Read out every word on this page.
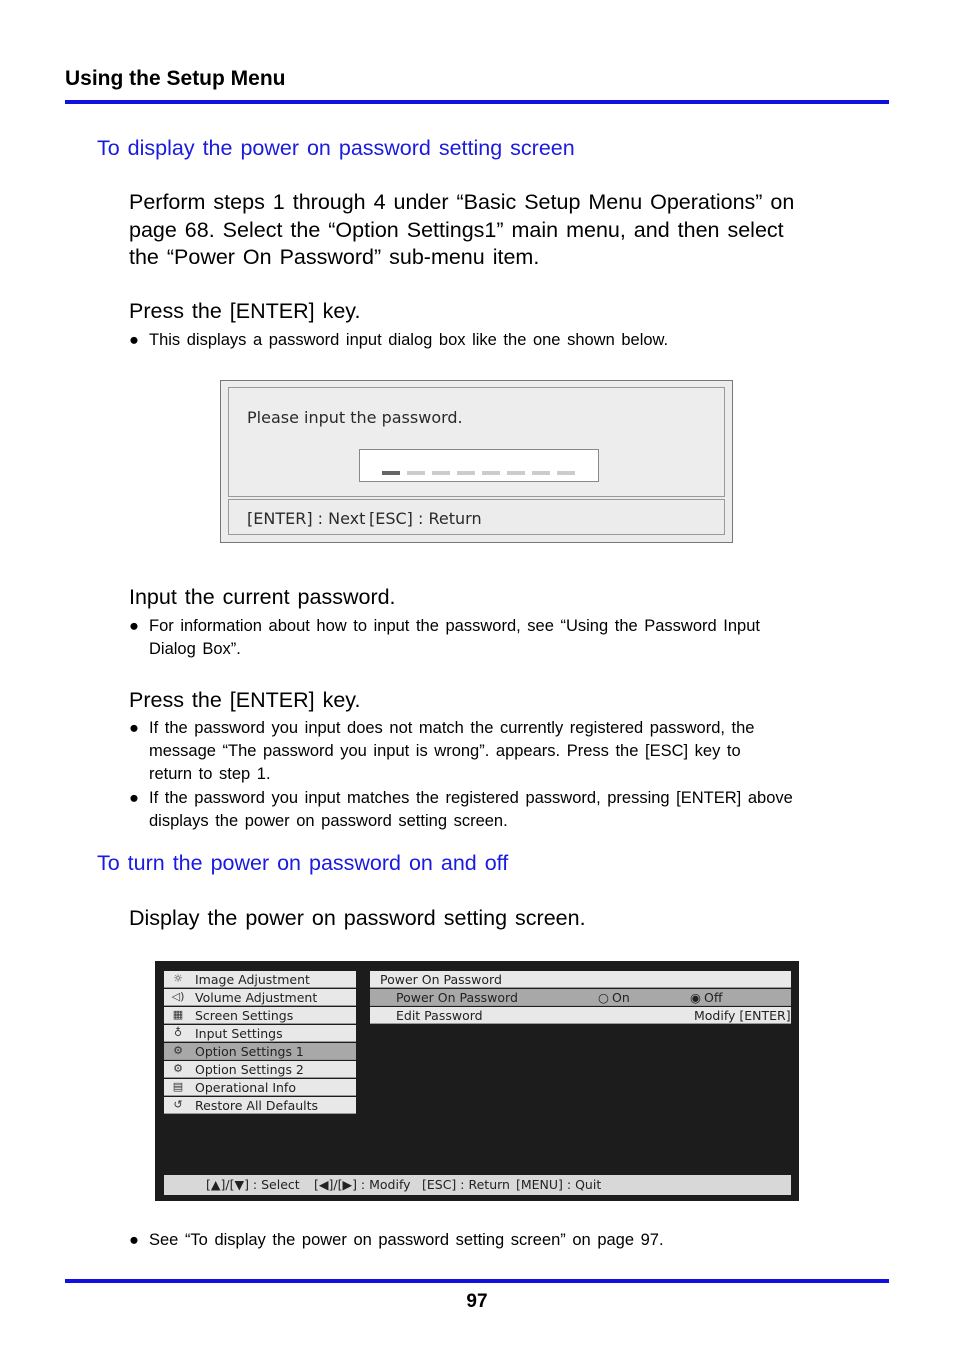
Using the Setup Menu
To display the power on password setting screen
Perform steps 1 through 4 under “Basic Setup Menu Operations” on
page 68. Select the “Option Settings1” main menu, and then select
the “Power On Password” sub-menu item.
Press the [ENTER] key.
● This displays a password input dialog box like the one shown below.
Please input the password.
[ENTER] : Next [ESC] : Return
Input the current password.
● For information about how to input the password, see “Using the Password Input
Dialog Box”.
Press the [ENTER] key.
● If the password you input does not match the currently registered password, the
message “The password you input is wrong”. appears. Press the [ESC] key to
return to step 1.
● If the password you input matches the registered password, pressing [ENTER] above
displays the power on password setting screen.
To turn the power on password on and off
Display the power on password setting screen.
☼ Image Adjustment
◁) Volume Adjustment
▦ Screen Settings
♁	Input Settings
⚙ Option Settings 1
⚙ Option Settings 2
▤ Operational Info
↺ Restore All Defaults
Power On Password
Power On Password	○ On	◉ Off
Edit Password	Modify [ENTER]
[▲]/[▼] : Select [◀]/[▶] : Modify [ESC] : Return [MENU] : Quit
● See “To display the power on password setting screen” on page 97.
97
